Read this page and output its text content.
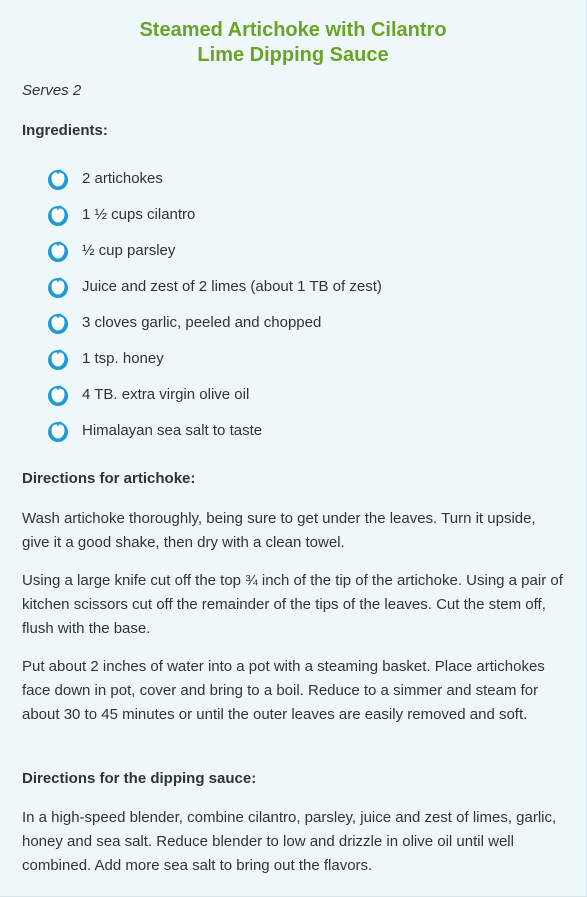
Steamed Artichoke with Cilantro
Lime Dipping Sauce

Serves 2

Ingredients:

2 artichokes
1 ½ cups cilantro
½ cup parsley
Juice and zest of 2 limes (about 1 TB of zest)
3 cloves garlic, peeled and chopped
1 tsp. honey
4 TB. extra virgin olive oil
Himalayan sea salt to taste

Directions for artichoke:

Wash artichoke thoroughly, being sure to get under the leaves. Turn it upside, give it a good shake, then dry with a clean towel.

Using a large knife cut off the top ¾ inch of the tip of the artichoke. Using a pair of kitchen scissors cut off the remainder of the tips of the leaves. Cut the stem off, flush with the base.

Put about 2 inches of water into a pot with a steaming basket. Place artichokes face down in pot, cover and bring to a boil. Reduce to a simmer and steam for about 30 to 45 minutes or until the outer leaves are easily removed and soft.

Directions for the dipping sauce:

In a high-speed blender, combine cilantro, parsley, juice and zest of limes, garlic, honey and sea salt. Reduce blender to low and drizzle in olive oil until well combined. Add more sea salt to bring out the flavors.
